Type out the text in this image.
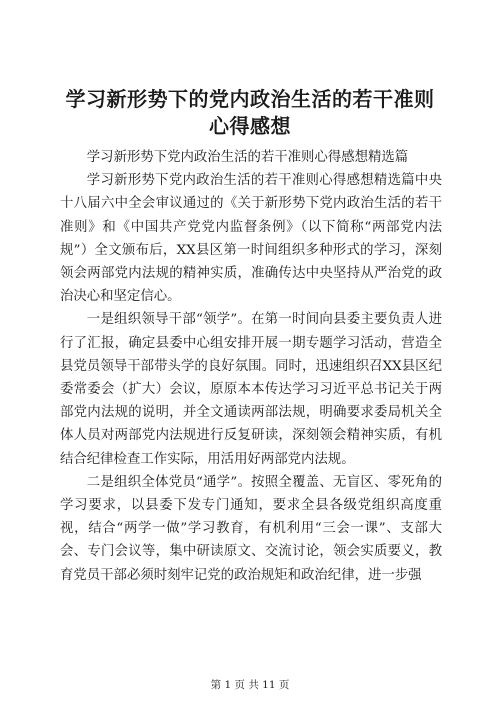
学习新形势下的党内政治生活的若干准则心得感想

学习新形势下党内政治生活的若干准则心得感想精选篇

学习新形势下党内政治生活的若干准则心得感想精选篇中央十八届六中全会审议通过的《关于新形势下党内政治生活的若干准则》和《中国共产党党内监督条例》（以下简称“两部党内法规”）全文颁布后，XX县区第一时间组织多种形式的学习，深刻领会两部党内法规的精神实质，准确传达中央坚持从严治党的政治决心和坚定信心。

一是组织领导干部“领学”。在第一时间向县委主要负责人进行了汇报，确定县委中心组安排开展一期专题学习活动，营造全县党员领导干部带头学的良好氛围。同时，迅速组织召XX县区纪委常委会（扩大）会议，原原本本传达学习习近平总书记关于两部党内法规的说明，并全文通读两部法规，明确要求委局机关全体人员对两部党内法规进行反复研读，深刻领会精神实质，有机结合纪律检查工作实际，用活用好两部党内法规。

二是组织全体党员“通学”。按照全覆盖、无盲区、零死角的学习要求，以县委下发专门通知，要求全县各级党组织高度重视，结合“两学一做”学习教育，有机利用“三会一课”、支部大会、专门会议等，集中研读原文、交流讨论，领会实质要义，教育党员干部必须时刻牢记党的政治规矩和政治纪律，进一步强

第 1 页 共 11 页
